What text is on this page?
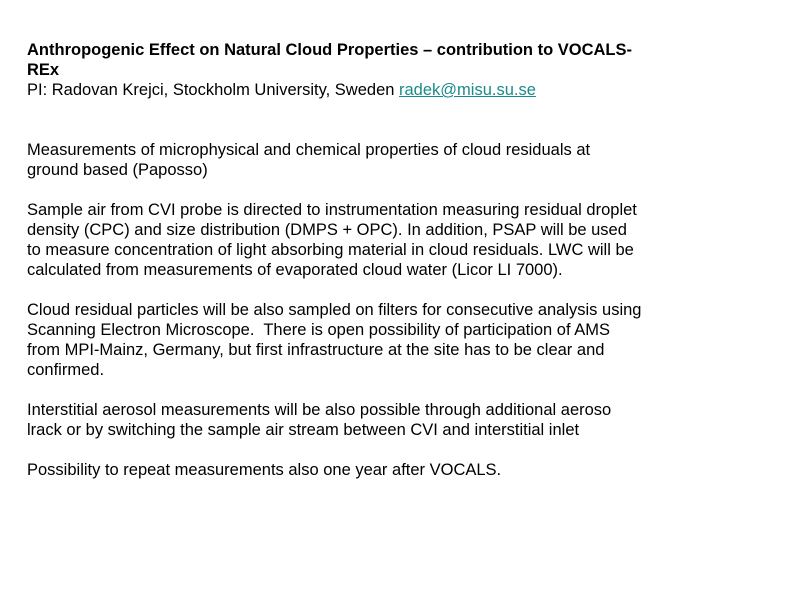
Anthropogenic Effect on Natural Cloud Properties – contribution to VOCALS-
REx
PI: Radovan Krejci, Stockholm University, Sweden radek@misu.su.se
Measurements of microphysical and chemical properties of cloud residuals at
ground based (Paposso)
Sample air from CVI probe is directed to instrumentation measuring residual droplet
density (CPC) and size distribution (DMPS + OPC). In addition, PSAP will be used
to measure concentration of light absorbing material in cloud residuals. LWC will be
calculated from measurements of evaporated cloud water (Licor LI 7000).
Cloud residual particles will be also sampled on filters for consecutive analysis using
Scanning Electron Microscope.  There is open possibility of participation of AMS
from MPI-Mainz, Germany, but first infrastructure at the site has to be clear and
confirmed.
Interstitial aerosol measurements will be also possible through additional aeroso
lrack or by switching the sample air stream between CVI and interstitial inlet
Possibility to repeat measurements also one year after VOCALS.
